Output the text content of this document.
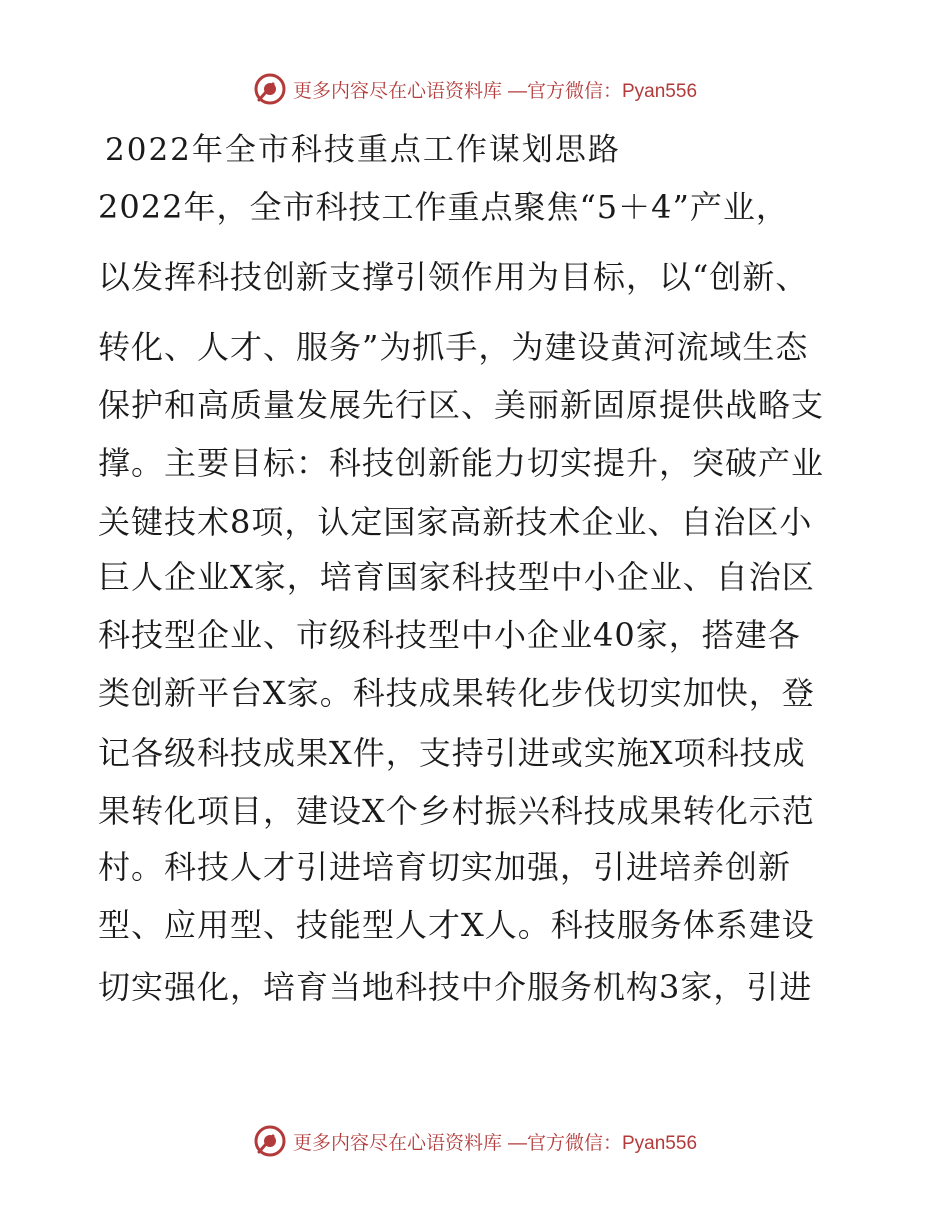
更多内容尽在心语资料库 —官方微信：Pyan556
2022年全市科技重点工作谋划思路
2022年，全市科技工作重点聚焦“5＋4”产业，
以发挥科技创新支撑引领作用为目标，以“创新、
转化、人才、服务”为抓手，为建设黄河流域生态
保护和高质量发展先行区、美丽新固原提供战略支
撑。主要目标：科技创新能力切实提升，突破产业
关键技术8项，认定国家高新技术企业、自治区小
巨人企业X家，培育国家科技型中小企业、自治区
科技型企业、市级科技型中小企业40家，搭建各
类创新平台X家。科技成果转化步伐切实加快，登
记各级科技成果X件，支持引进或实施X项科技成
果转化项目，建设X个乡村振兴科技成果转化示范
村。科技人才引进培育切实加强，引进培养创新
型、应用型、技能型人才X人。科技服务体系建设
切实强化，培育当地科技中介服务机构3家，引进
更多内容尽在心语资料库 —官方微信：Pyan556
